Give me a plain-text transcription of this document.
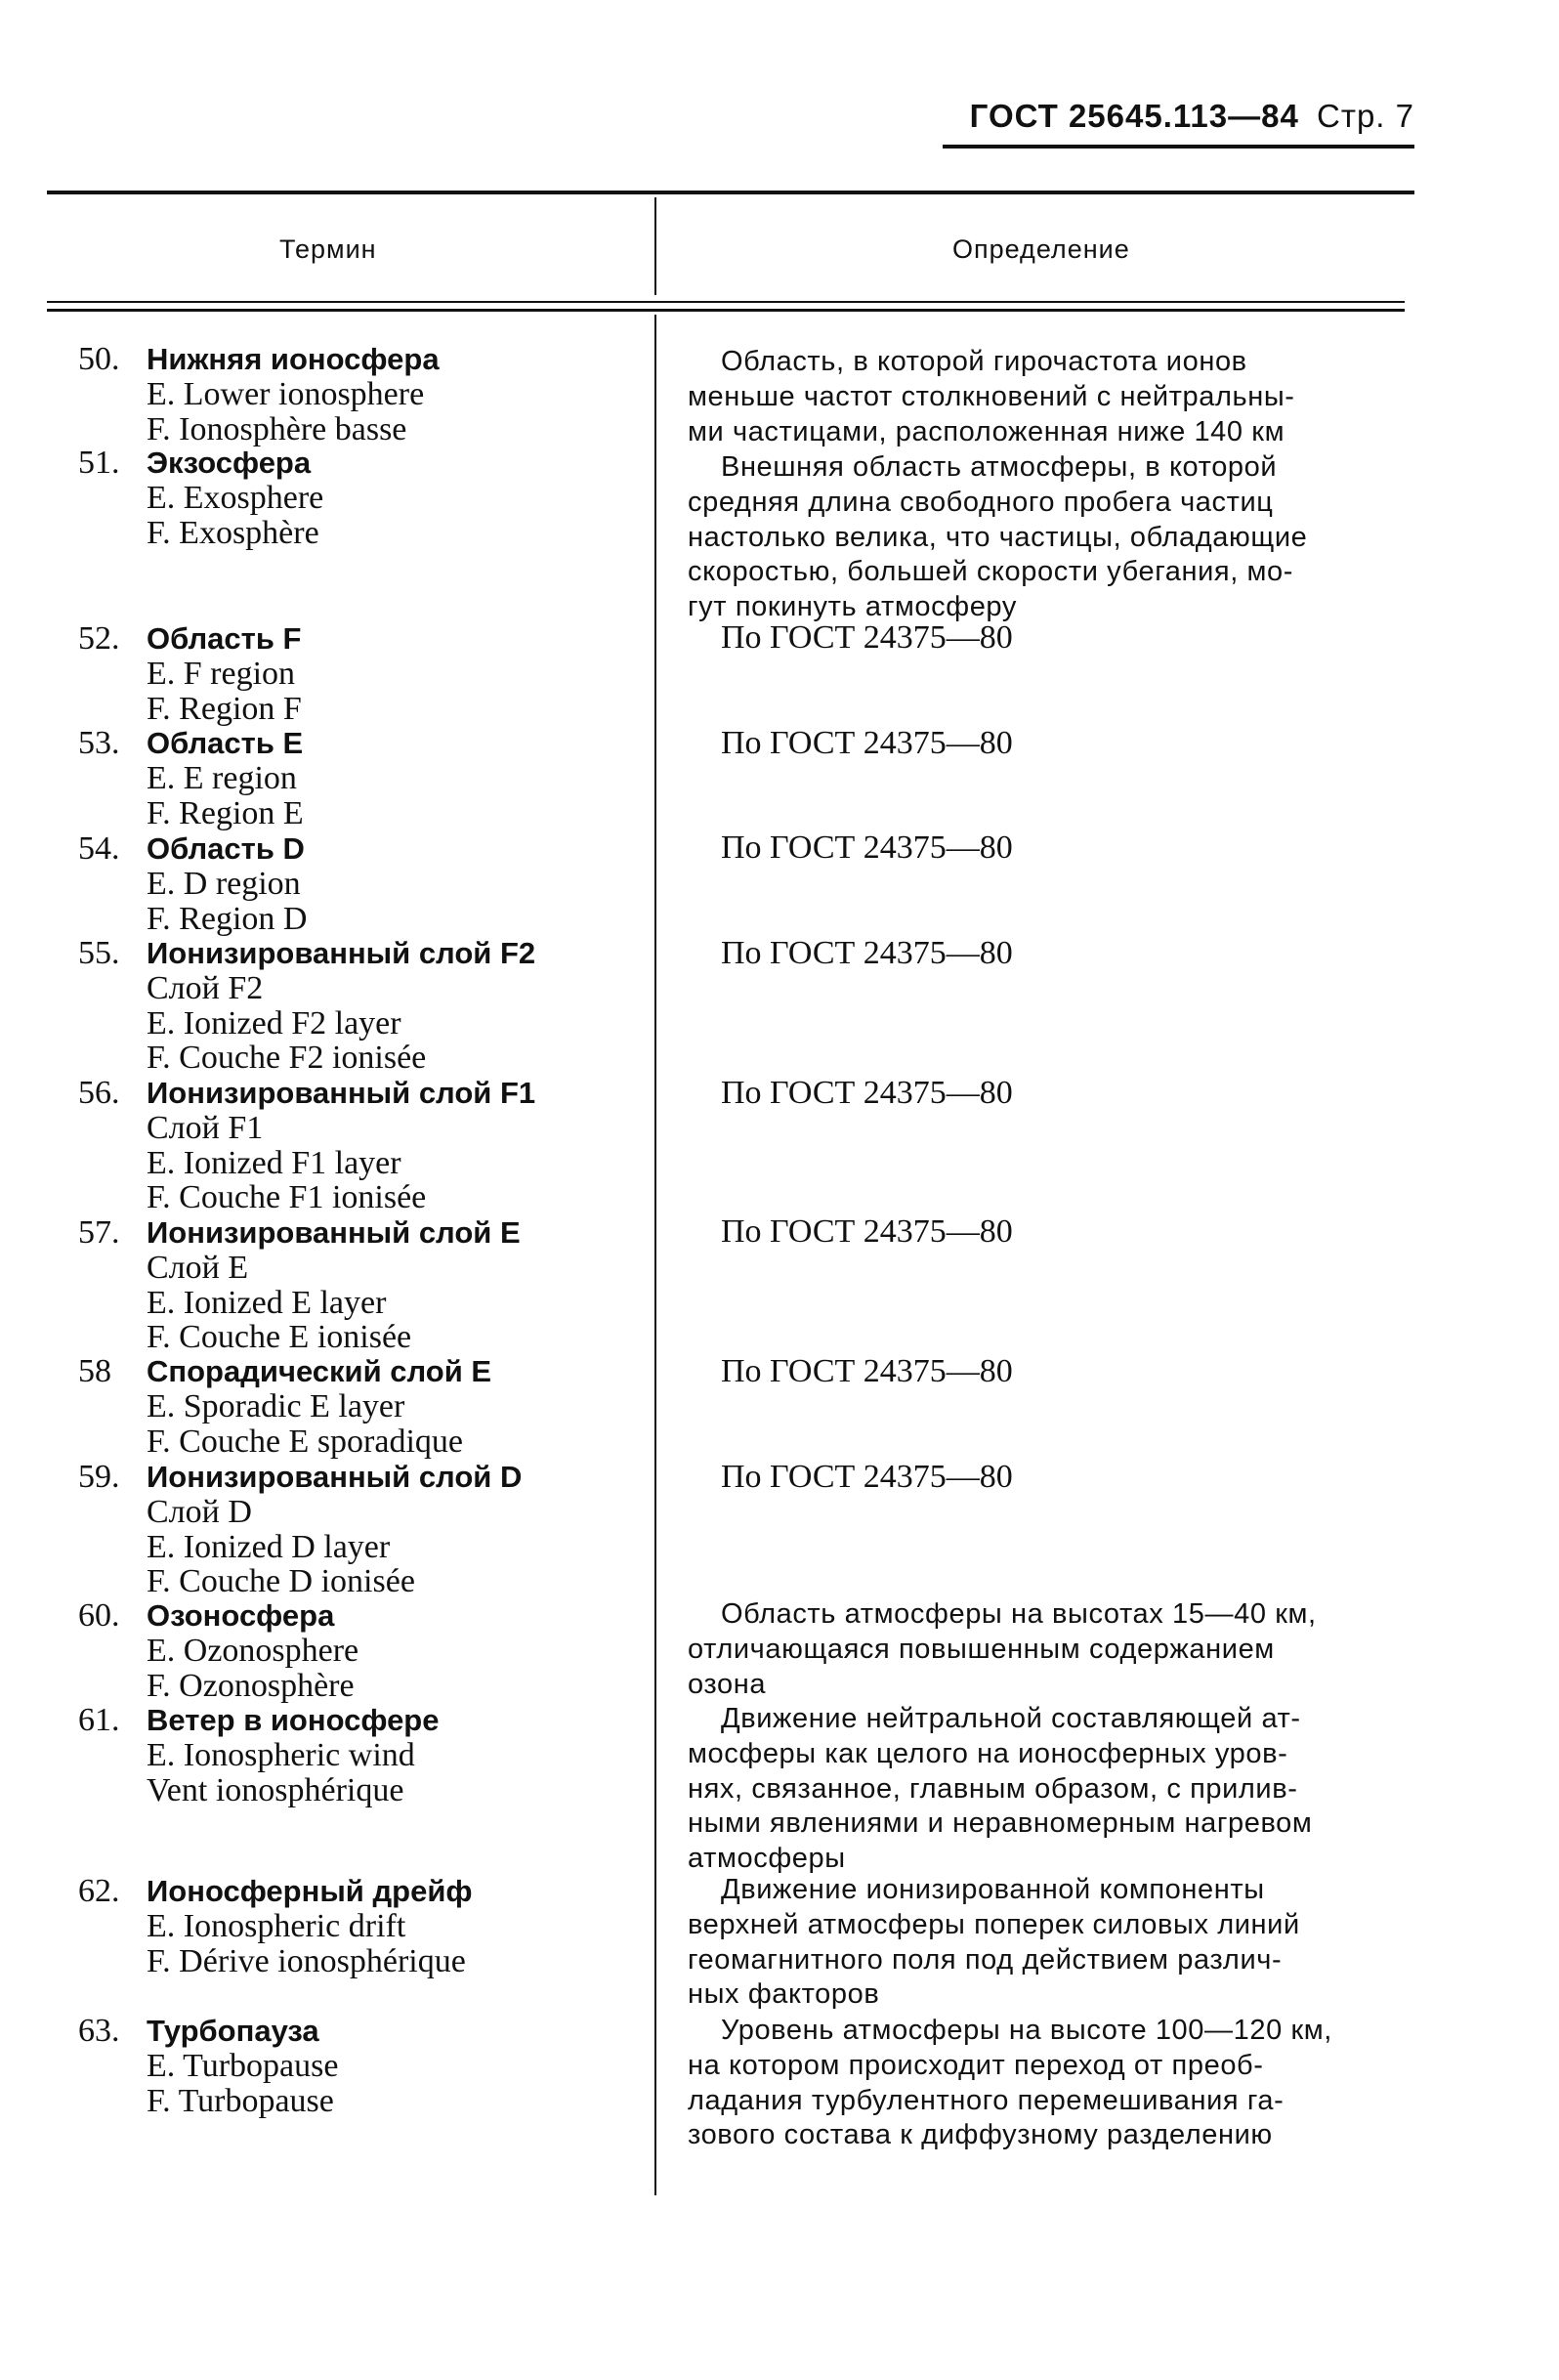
ГОСТ 25645.113—84 Стр. 7
Термин	Определение
50. Нижняя ионосфера
E. Lower ionosphere
F. Ionosphère basse
51. Экзосфера
E. Exosphere
F. Exosphère
52. Область F
E. F region
F. Region F
53. Область E
E. E region
F. Region E
54. Область D
E. D region
F. Region D
55. Ионизированный слой F2
Слой F2
E. Ionized F2 layer
F. Couche F2 ionisée
56. Ионизированный слой F1
Слой F1
E. Ionized F1 layer
F. Couche F1 ionisée
57. Ионизированный слой E
Слой E
E. Ionized E layer
F. Couche E ionisée
58	Спорадический слой E
E. Sporadic E layer
F. Couche E sporadique
59. Ионизированный слой D
Слой D
E. Ionized D layer
F. Couche D ionisée
60. Озоносфера
E. Ozonosphere
F. Ozonosphère
61. Ветер в ионосфере
E. Ionospheric wind
Vent ionosphérique
62. Ионосферный дрейф
E. Ionospheric drift
F. Dérive ionosphérique
63. Турбопауза
E. Turbopause
F. Turbopause
Область, в которой гирочастота ионов
меньше частот столкновений с нейтральны-
ми частицами, расположенная ниже 140 км
Внешняя область атмосферы, в которой
средняя длина свободного пробега частиц
настолько велика, что частицы, обладающие
скоростью, большей скорости убегания, мо-
гут покинуть атмосферу
По ГОСТ 24375—80
По ГОСТ 24375—80
По ГОСТ 24375—80
По ГОСТ 24375—80
По ГОСТ 24375—80
По ГОСТ 24375—80
По ГОСТ 24375—80
По ГОСТ 24375—80
Область атмосферы на высотах 15—40 км,
отличающаяся повышенным содержанием
озона
Движение нейтральной составляющей ат-
мосферы как целого на ионосферных уров-
нях, связанное, главным образом, с прилив-
ными явлениями и неравномерным нагревом
атмосферы
Движение ионизированной компоненты
верхней атмосферы поперек силовых линий
геомагнитного поля под действием различ-
ных факторов
Уровень атмосферы на высоте 100—120 км,
на котором происходит переход от преоб-
ладания турбулентного перемешивания га-
зового состава к диффузному разделению
